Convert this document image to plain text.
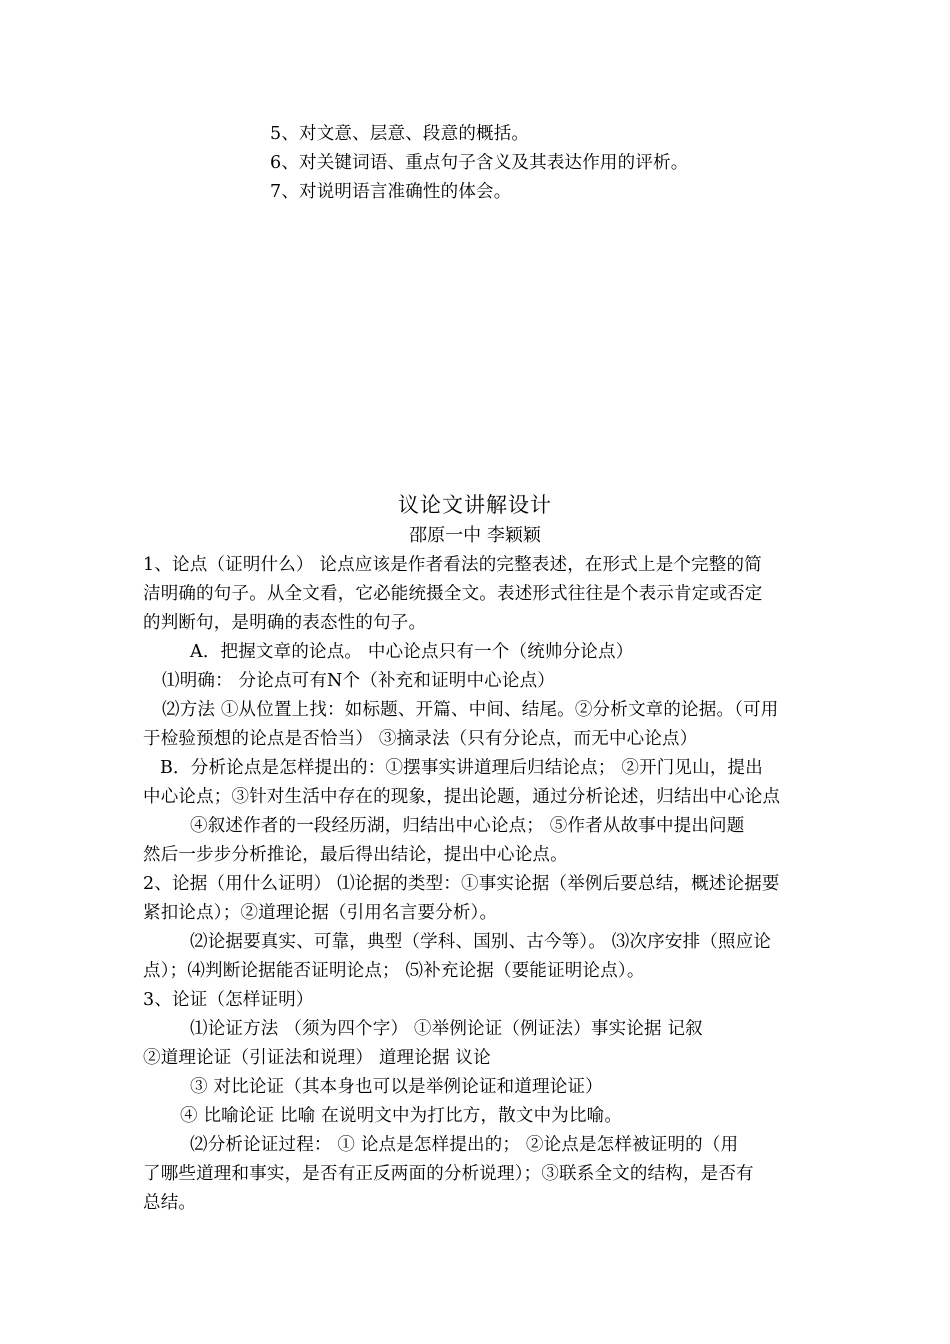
5、对文意、层意、段意的概括。
6、对关键词语、重点句子含义及其表达作用的评析。
7、对说明语言准确性的体会。
议论文讲解设计
邵原一中 李颖颖
1、论点（证明什么） 论点应该是作者看法的完整表述，在形式上是个完整的简
洁明确的句子。从全文看，它必能统摄全文。表述形式往往是个表示肯定或否定
的判断句，是明确的表态性的句子。
A．把握文章的论点。 中心论点只有一个（统帅分论点）
⑴明确： 分论点可有N个（补充和证明中心论点）
⑵方法 ①从位置上找：如标题、开篇、中间、结尾。②分析文章的论据。（可用
于检验预想的论点是否恰当） ③摘录法（只有分论点，而无中心论点）
B．分析论点是怎样提出的：①摆事实讲道理后归结论点； ②开门见山，提出
中心论点；③针对生活中存在的现象，提出论题，通过分析论述，归结出中心论点
④叙述作者的一段经历湖，归结出中心论点； ⑤作者从故事中提出问题
然后一步步分析推论，最后得出结论，提出中心论点。
2、论据（用什么证明） ⑴论据的类型：①事实论据（举例后要总结，概述论据要
紧扣论点）；②道理论据（引用名言要分析）。
⑵论据要真实、可靠，典型（学科、国别、古今等）。 ⑶次序安排（照应论
点）；⑷判断论据能否证明论点； ⑸补充论据（要能证明论点）。
3、论证（怎样证明）
⑴论证方法 （须为四个字） ①举例论证（例证法）事实论据 记叙
②道理论证（引证法和说理） 道理论据 议论
③ 对比论证（其本身也可以是举例论证和道理论证）
④ 比喻论证 比喻 在说明文中为打比方，散文中为比喻。
⑵分析论证过程： ① 论点是怎样提出的； ②论点是怎样被证明的（用
了哪些道理和事实，是否有正反两面的分析说理）；③联系全文的结构，是否有
总结。
